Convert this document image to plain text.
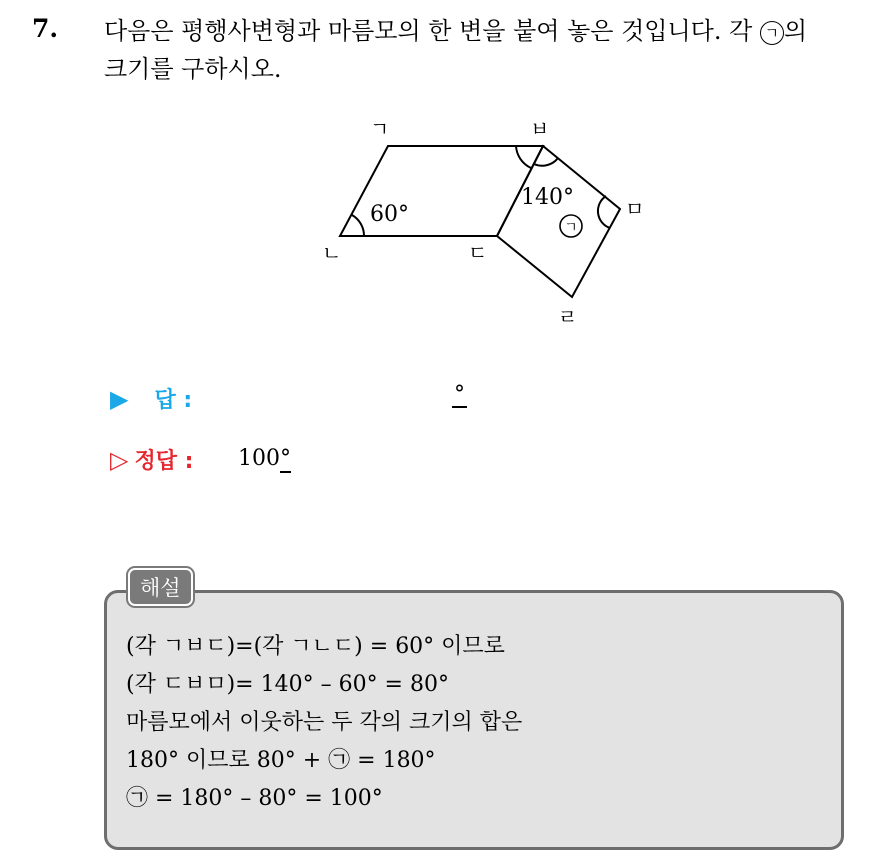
7. 다음은 평행사변형과 마름모의 한 변을 붙여 놓은 것입니다. 각 ㄱ 의
크기를 구하시오.
ㄱ	ㅂ
ㄴ	ㄷ
ㅁ
ㄹ
60°
140°
ㄱ
▶ 답 :	°
▷ 정답 : 100°
해설
(각 ㄱㅂㄷ)=(각 ㄱㄴㄷ) = 60° 이므로
(각 ㄷㅂㅁ)= 140° – 60° = 80°
마름모에서 이웃하는 두 각의 크기의 합은
180° 이므로 80° + ㉠ = 180°
㉠ = 180° – 80° = 100°
